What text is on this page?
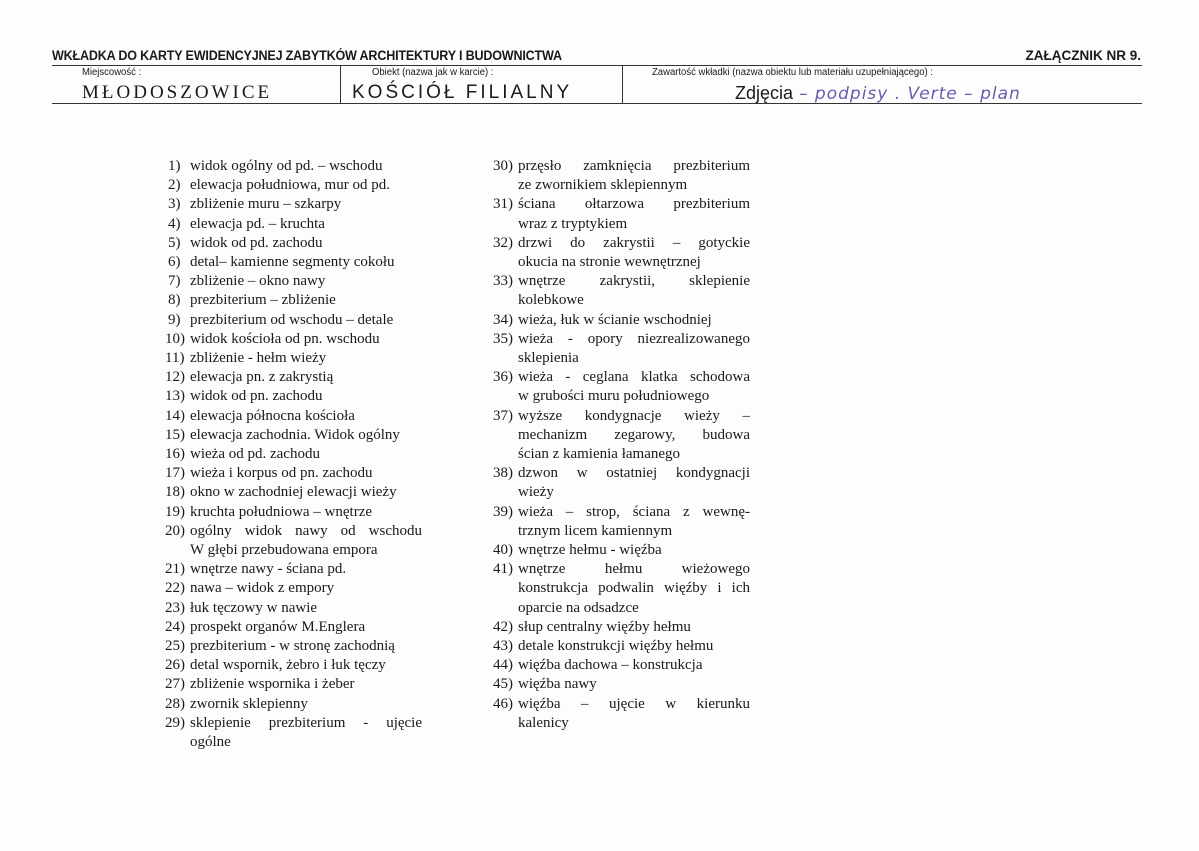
WKŁADKA DO KARTY EWIDENCYJNEJ ZABYTKÓW ARCHITEKTURY I BUDOWNICTWA	ZAŁĄCZNIK NR 9.
Miejscowość :	Obiekt (nazwa jak w karcie) :	Zawartość wkładki (nazwa obiektu lub materiału uzupełniającego) :
MŁODOSZOWICE	KOŚCIÓŁ FILIALNY	Zdjęcia – podpisy . Verte – plan
1) widok ogólny od pd. – wschodu
2) elewacja południowa, mur od pd.
3) zbliżenie muru – szkarpy
4) elewacja pd. – kruchta
5) widok od pd. zachodu
6) detal– kamienne segmenty cokołu
7) zbliżenie – okno nawy
8) prezbiterium – zbliżenie
9) prezbiterium od wschodu – detale
10) widok kościoła od pn. wschodu
11) zbliżenie - hełm wieży
12) elewacja pn. z zakrystią
13) widok od pn. zachodu
14) elewacja północna kościoła
15) elewacja zachodnia. Widok ogólny
16) wieża od pd. zachodu
17) wieża i korpus od pn. zachodu
18) okno w zachodniej elewacji wieży
19) kruchta południowa – wnętrze
20) ogólny widok nawy od wschodu
W głębi przebudowana empora
21) wnętrze nawy - ściana pd.
22) nawa – widok z empory
23) łuk tęczowy w nawie
24) prospekt organów M.Englera
25) prezbiterium - w stronę zachodnią
26) detal wspornik, żebro i łuk tęczy
27) zbliżenie wspornika i żeber
28) zwornik sklepienny
29) sklepienie prezbiterium - ujęcie
ogólne
30) przęsło zamknięcia prezbiterium
ze zwornikiem sklepiennym
31) ściana ołtarzowa prezbiterium
wraz z tryptykiem
32) drzwi do zakrystii – gotyckie
okucia na stronie wewnętrznej
33) wnętrze zakrystii, sklepienie
kolebkowe
34) wieża, łuk w ścianie wschodniej
35) wieża - opory niezrealizowanego
sklepienia
36) wieża - ceglana klatka schodowa
w grubości muru południowego
37) wyższe kondygnacje wieży –
mechanizm zegarowy, budowa
ścian z kamienia łamanego
38) dzwon w ostatniej kondygnacji
wieży
39) wieża – strop, ściana z wewnę-
trznym licem kamiennym
40) wnętrze hełmu - więźba
41) wnętrze hełmu wieżowego
konstrukcja podwalin więźby i ich
oparcie na odsadzce
42) słup centralny więźby hełmu
43) detale konstrukcji więźby hełmu
44) więźba dachowa – konstrukcja
45) więźba nawy
46) więźba – ujęcie w kierunku
kalenicy
